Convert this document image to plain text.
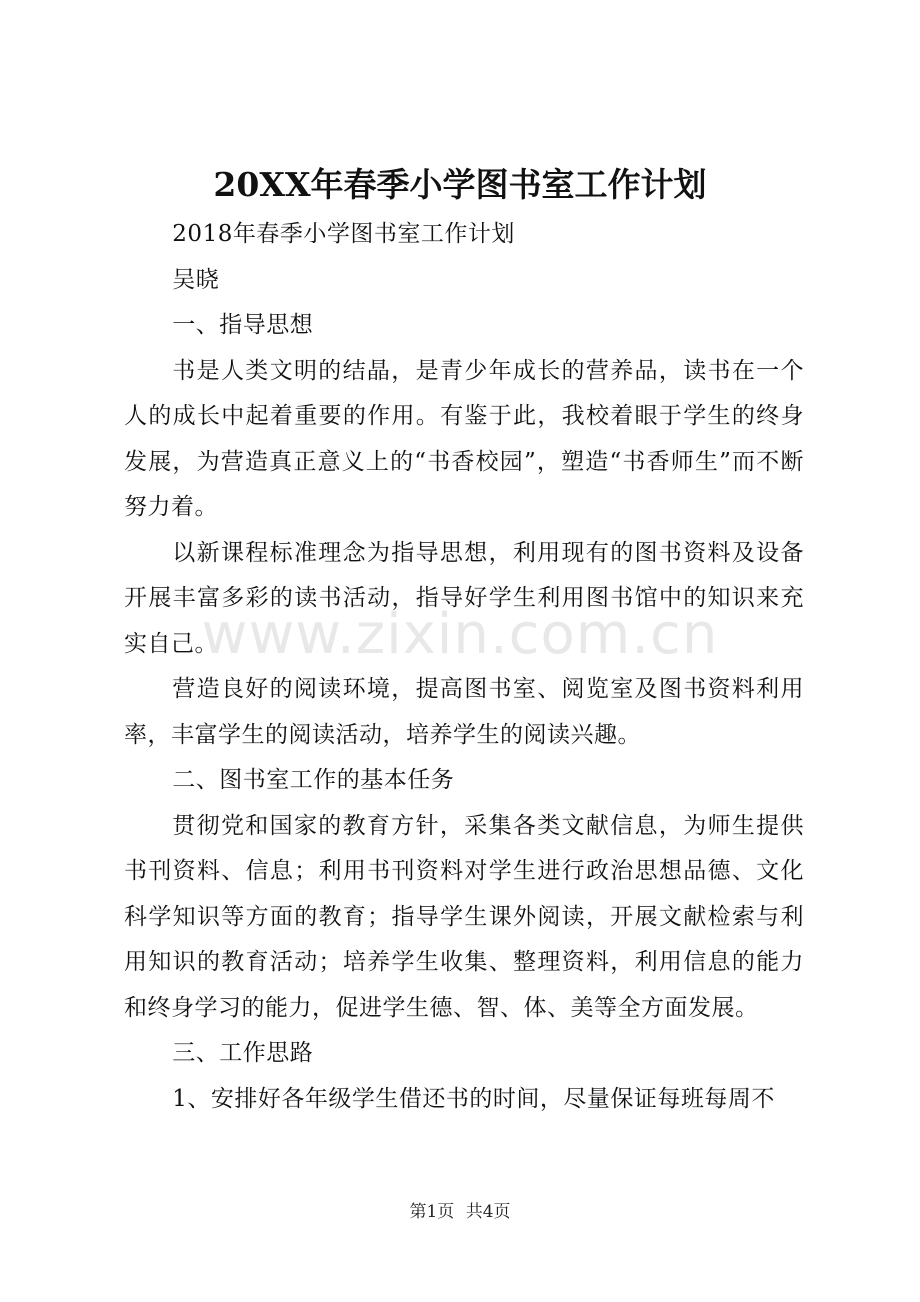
20XX年春季小学图书室工作计划

2018年春季小学图书室工作计划

吴晓

一、指导思想

书是人类文明的结晶，是青少年成长的营养品，读书在一个人的成长中起着重要的作用。有鉴于此，我校着眼于学生的终身发展，为营造真正意义上的“书香校园”，塑造“书香师生”而不断努力着。

以新课程标准理念为指导思想，利用现有的图书资料及设备开展丰富多彩的读书活动，指导好学生利用图书馆中的知识来充实自己。

营造良好的阅读环境，提高图书室、阅览室及图书资料利用率，丰富学生的阅读活动，培养学生的阅读兴趣。

二、图书室工作的基本任务

贯彻党和国家的教育方针，采集各类文献信息，为师生提供书刊资料、信息；利用书刊资料对学生进行政治思想品德、文化科学知识等方面的教育；指导学生课外阅读，开展文献检索与利用知识的教育活动；培养学生收集、整理资料，利用信息的能力和终身学习的能力，促进学生德、智、体、美等全方面发展。

三、工作思路

1、安排好各年级学生借还书的时间，尽量保证每班每周不

www.zixin.com.cn
第1页 共4页
